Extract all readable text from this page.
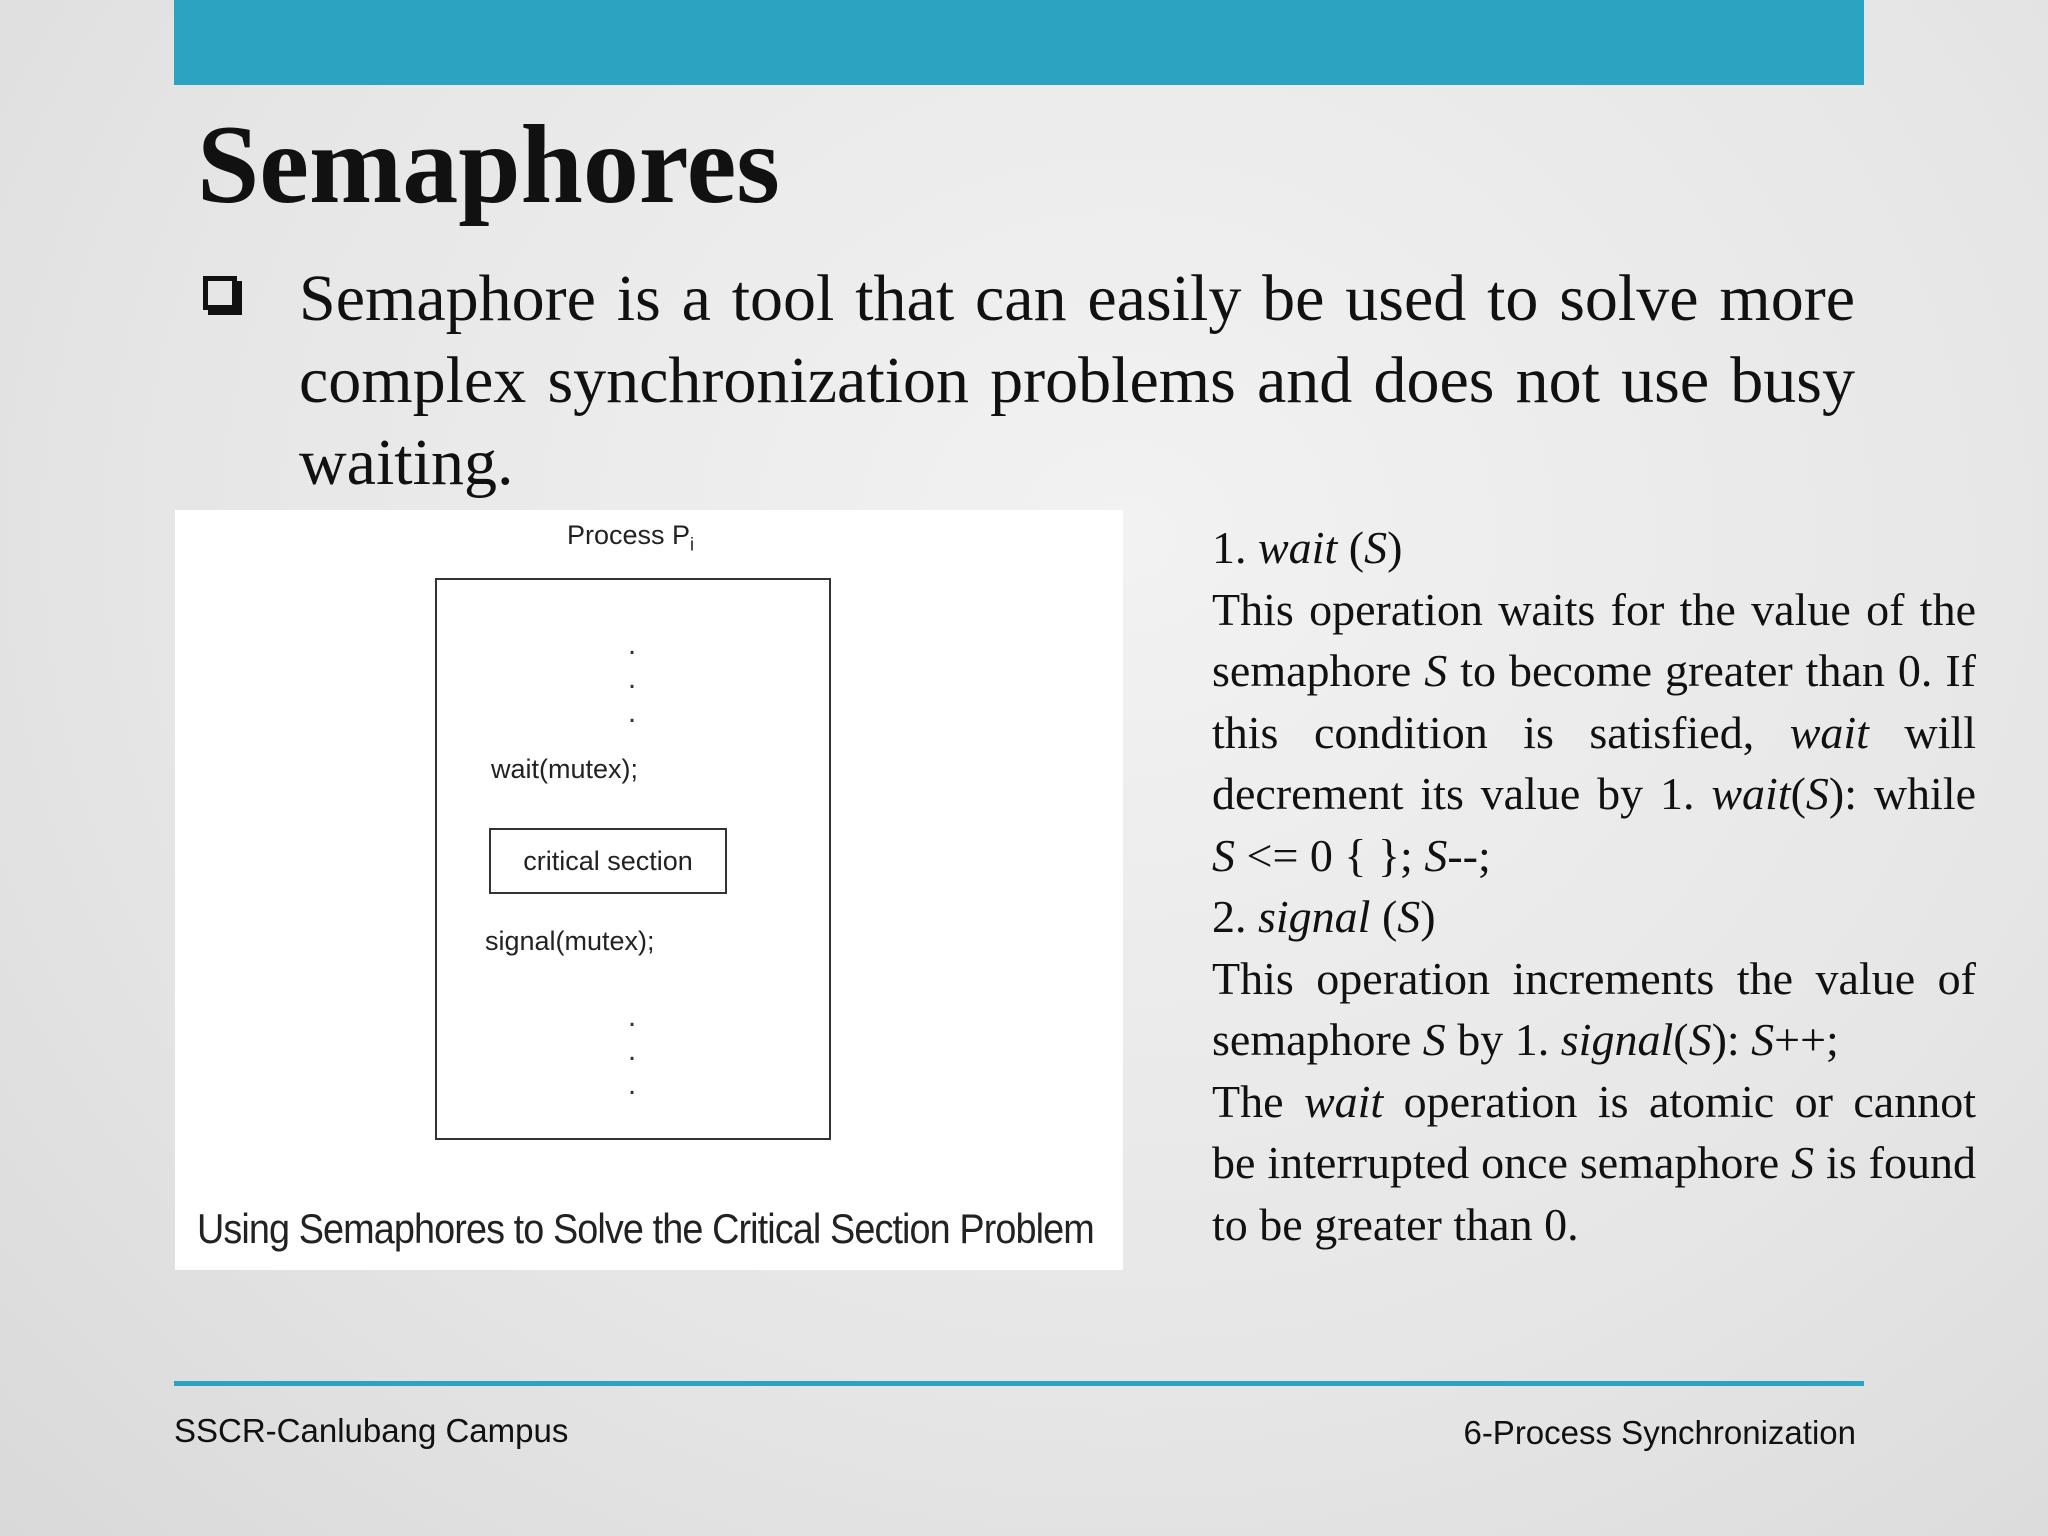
Semaphores

Semaphore is a tool that can easily be used to solve more complex synchronization problems and does not use busy waiting.

Process $P_i$
.
.
.
wait(mutex);
critical section
signal(mutex);
.
.
.
Using Semaphores to Solve the Critical Section Problem

1. wait (S)

This operation waits for the value of the semaphore S to become greater than 0. If this condition is satisfied, wait will decrement its value by 1. wait(S): while S <= 0 { }; S--;

2. signal (S)

This operation increments the value of semaphore S by 1. signal(S): S++;

The wait operation is atomic or cannot be interrupted once semaphore S is found to be greater than 0.

SSCR-Canlubang Campus	6-Process Synchronization
